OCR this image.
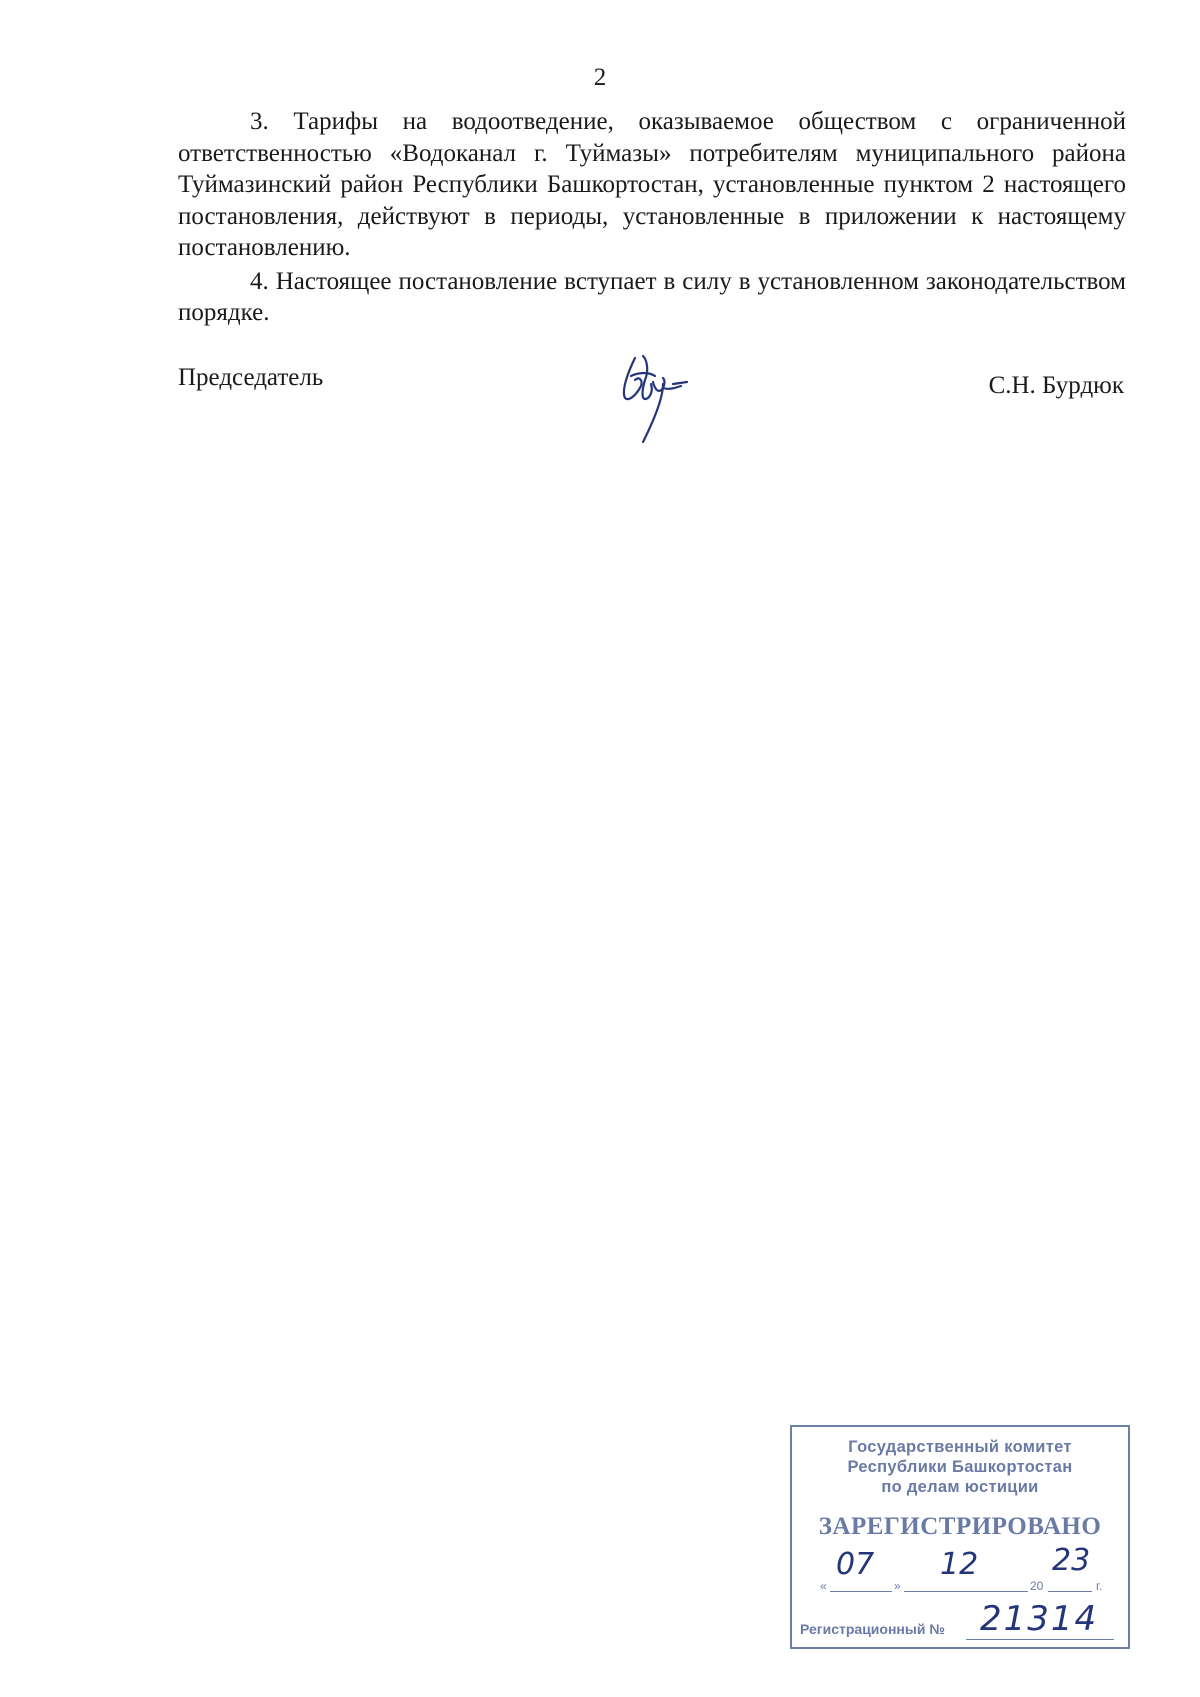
2

3. Тарифы на водоотведение, оказываемое обществом с ограниченной ответственностью «Водоканал г. Туймазы» потребителям муниципального района Туймазинский район Республики Башкортостан, установленные пунктом 2 настоящего постановления, действуют в периоды, установленные в приложении к настоящему постановлению.

4. Настоящее постановление вступает в силу в установленном законодательством порядке.

Председатель	С.Н. Бурдюк
Государственный комитет
Республики Башкортостан
по делам юстиции
ЗАРЕГИСТРИРОВАНО
«
07
»
12
20
23
г.
Регистрационный № 21314
